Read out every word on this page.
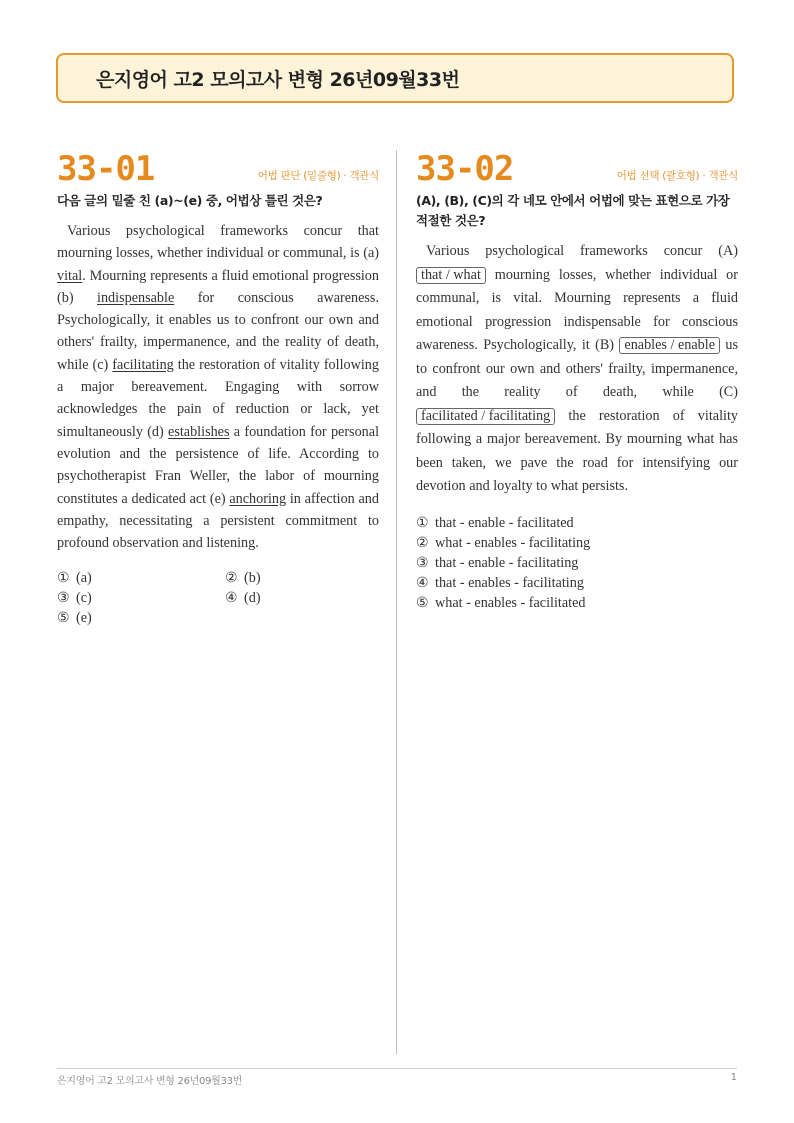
은지영어 고2 모의고사 변형 26년09월33번
33-01	어법 판단 (밑줄형) · 객관식
다음 글의 밑줄 친 (a)~(e) 중, 어법상 틀린 것은?
Various psychological frameworks concur that mourning losses, whether individual or communal, is (a) vital. Mourning represents a fluid emotional progression (b) indispensable for conscious awareness. Psychologically, it enables us to confront our own and others' frailty, impermanence, and the reality of death, while (c) facilitating the restoration of vitality following a major bereavement. Engaging with sorrow acknowledges the pain of reduction or lack, yet simultaneously (d) establishes a foundation for personal evolution and the persistence of life. According to psychotherapist Fran Weller, the labor of mourning constitutes a dedicated act (e) anchoring in affection and empathy, necessitating a persistent commitment to profound observation and listening.
① (a)	② (b)
③ (c)	④ (d)
⑤ (e)
33-02	어법 선택 (괄호형) · 객관식
(A), (B), (C)의 각 네모 안에서 어법에 맞는 표현으로 가장 적절한 것은?
Various psychological frameworks concur (A) that / what mourning losses, whether individual or communal, is vital. Mourning represents a fluid emotional progression indispensable for conscious awareness. Psychologically, it (B) enables / enable us to confront our own and others' frailty, impermanence, and the reality of death, while (C) facilitated / facilitating the restoration of vitality following a major bereavement. By mourning what has been taken, we pave the road for intensifying our devotion and loyalty to what persists.
① that - enable - facilitated
② what - enables - facilitating
③ that - enable - facilitating
④ that - enables - facilitating
⑤ what - enables - facilitated
은지영어 고2 모의고사 변형 26년09월33번	1
